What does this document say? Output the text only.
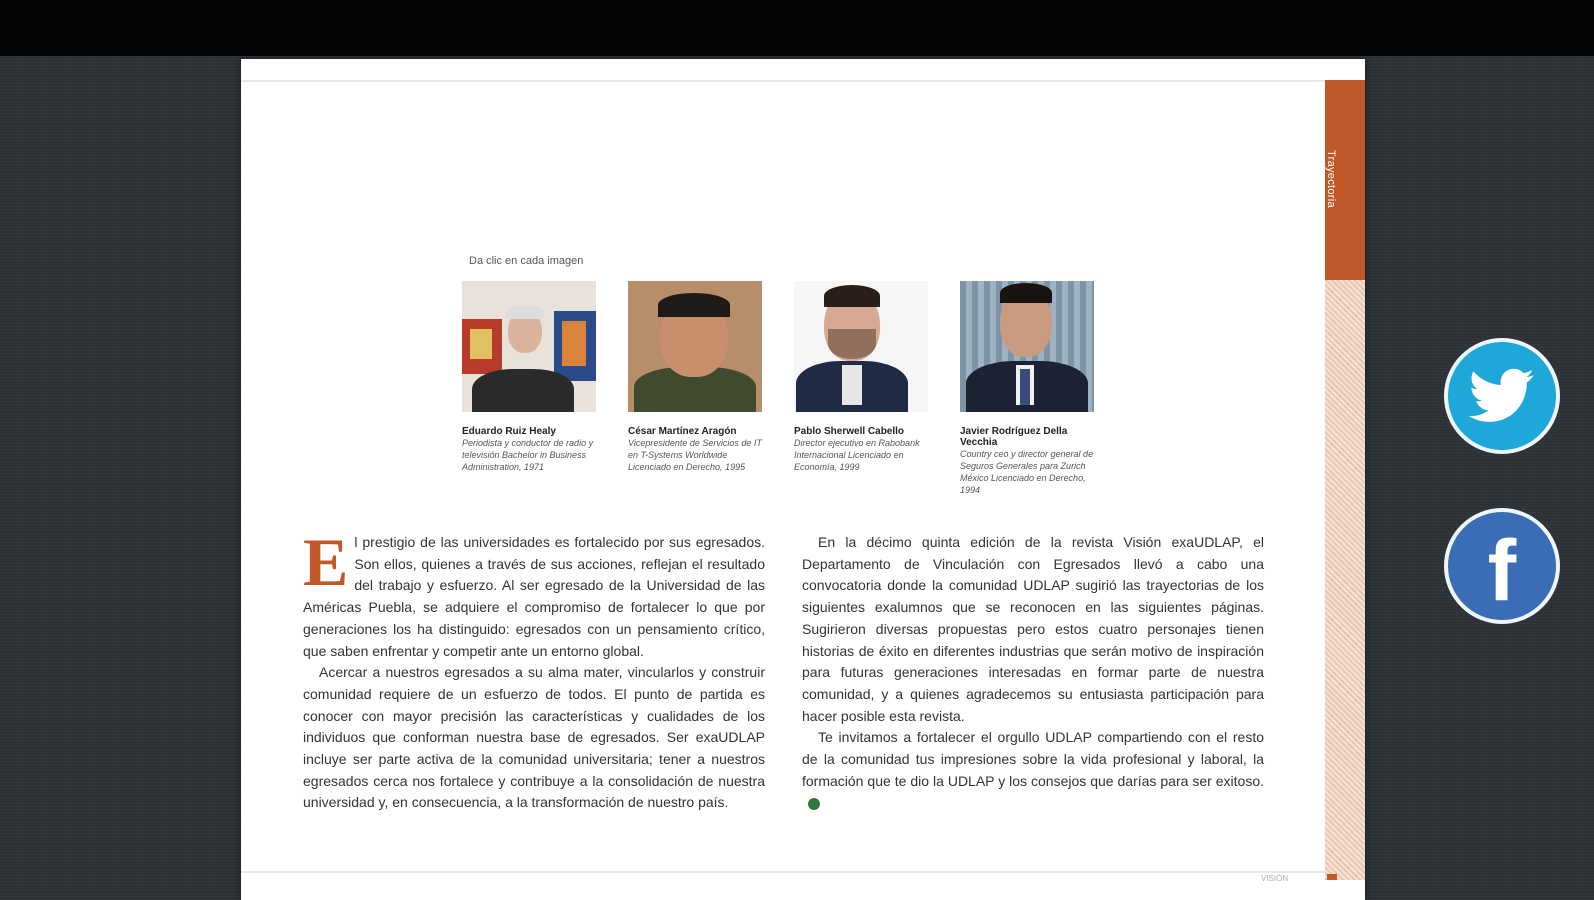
Trayectoria
VISIÓN
Da clic en cada imagen
Eduardo Ruiz Healy
Periodista y conductor de radio y televisión Bachelor in Business Administration, 1971
César Martínez Aragón
Vicepresidente de Servicios de IT en T-Systems Worldwide Licenciado en Derecho, 1995
Pablo Sherwell Cabello
Director ejecutivo en Rabobank Internacional Licenciado en Economía, 1999
Javier Rodríguez Della Vecchia
Country ceo y director general de Seguros Generales para Zurich México Licenciado en Derecho, 1994

El prestigio de las universidades es fortalecido por sus egresados. Son ellos, quienes a través de sus acciones, reflejan el resultado del trabajo y esfuerzo. Al ser egresado de la Universidad de las Américas Puebla, se adquiere el compromiso de fortalecer lo que por generaciones los ha distinguido: egresados con un pensamiento crítico, que saben enfrentar y competir ante un entorno global.

Acercar a nuestros egresados a su alma mater, vincularlos y construir comunidad requiere de un esfuerzo de todos. El punto de partida es conocer con mayor precisión las características y cualidades de los individuos que conforman nuestra base de egresados. Ser exaUDLAP incluye ser parte activa de la comunidad universitaria; tener a nuestros egresados cerca nos fortalece y contribuye a la consolidación de nuestra universidad y, en consecuencia, a la transformación de nuestro país.

En la décimo quinta edición de la revista Visión exaUDLAP, el Departamento de Vinculación con Egresados llevó a cabo una convocatoria donde la comunidad UDLAP sugirió las trayectorias de los siguientes exalumnos que se reconocen en las siguientes páginas. Sugirieron diversas propuestas pero estos cuatro personajes tienen historias de éxito en diferentes industrias que serán motivo de inspiración para futuras generaciones interesadas en formar parte de nuestra comunidad, y a quienes agradecemos su entusiasta participación para hacer posible esta revista.

Te invitamos a fortalecer el orgullo UDLAP compartiendo con el resto de la comunidad tus impresiones sobre la vida profesional y laboral, la formación que te dio la UDLAP y los consejos que darías para ser exitoso.

f
